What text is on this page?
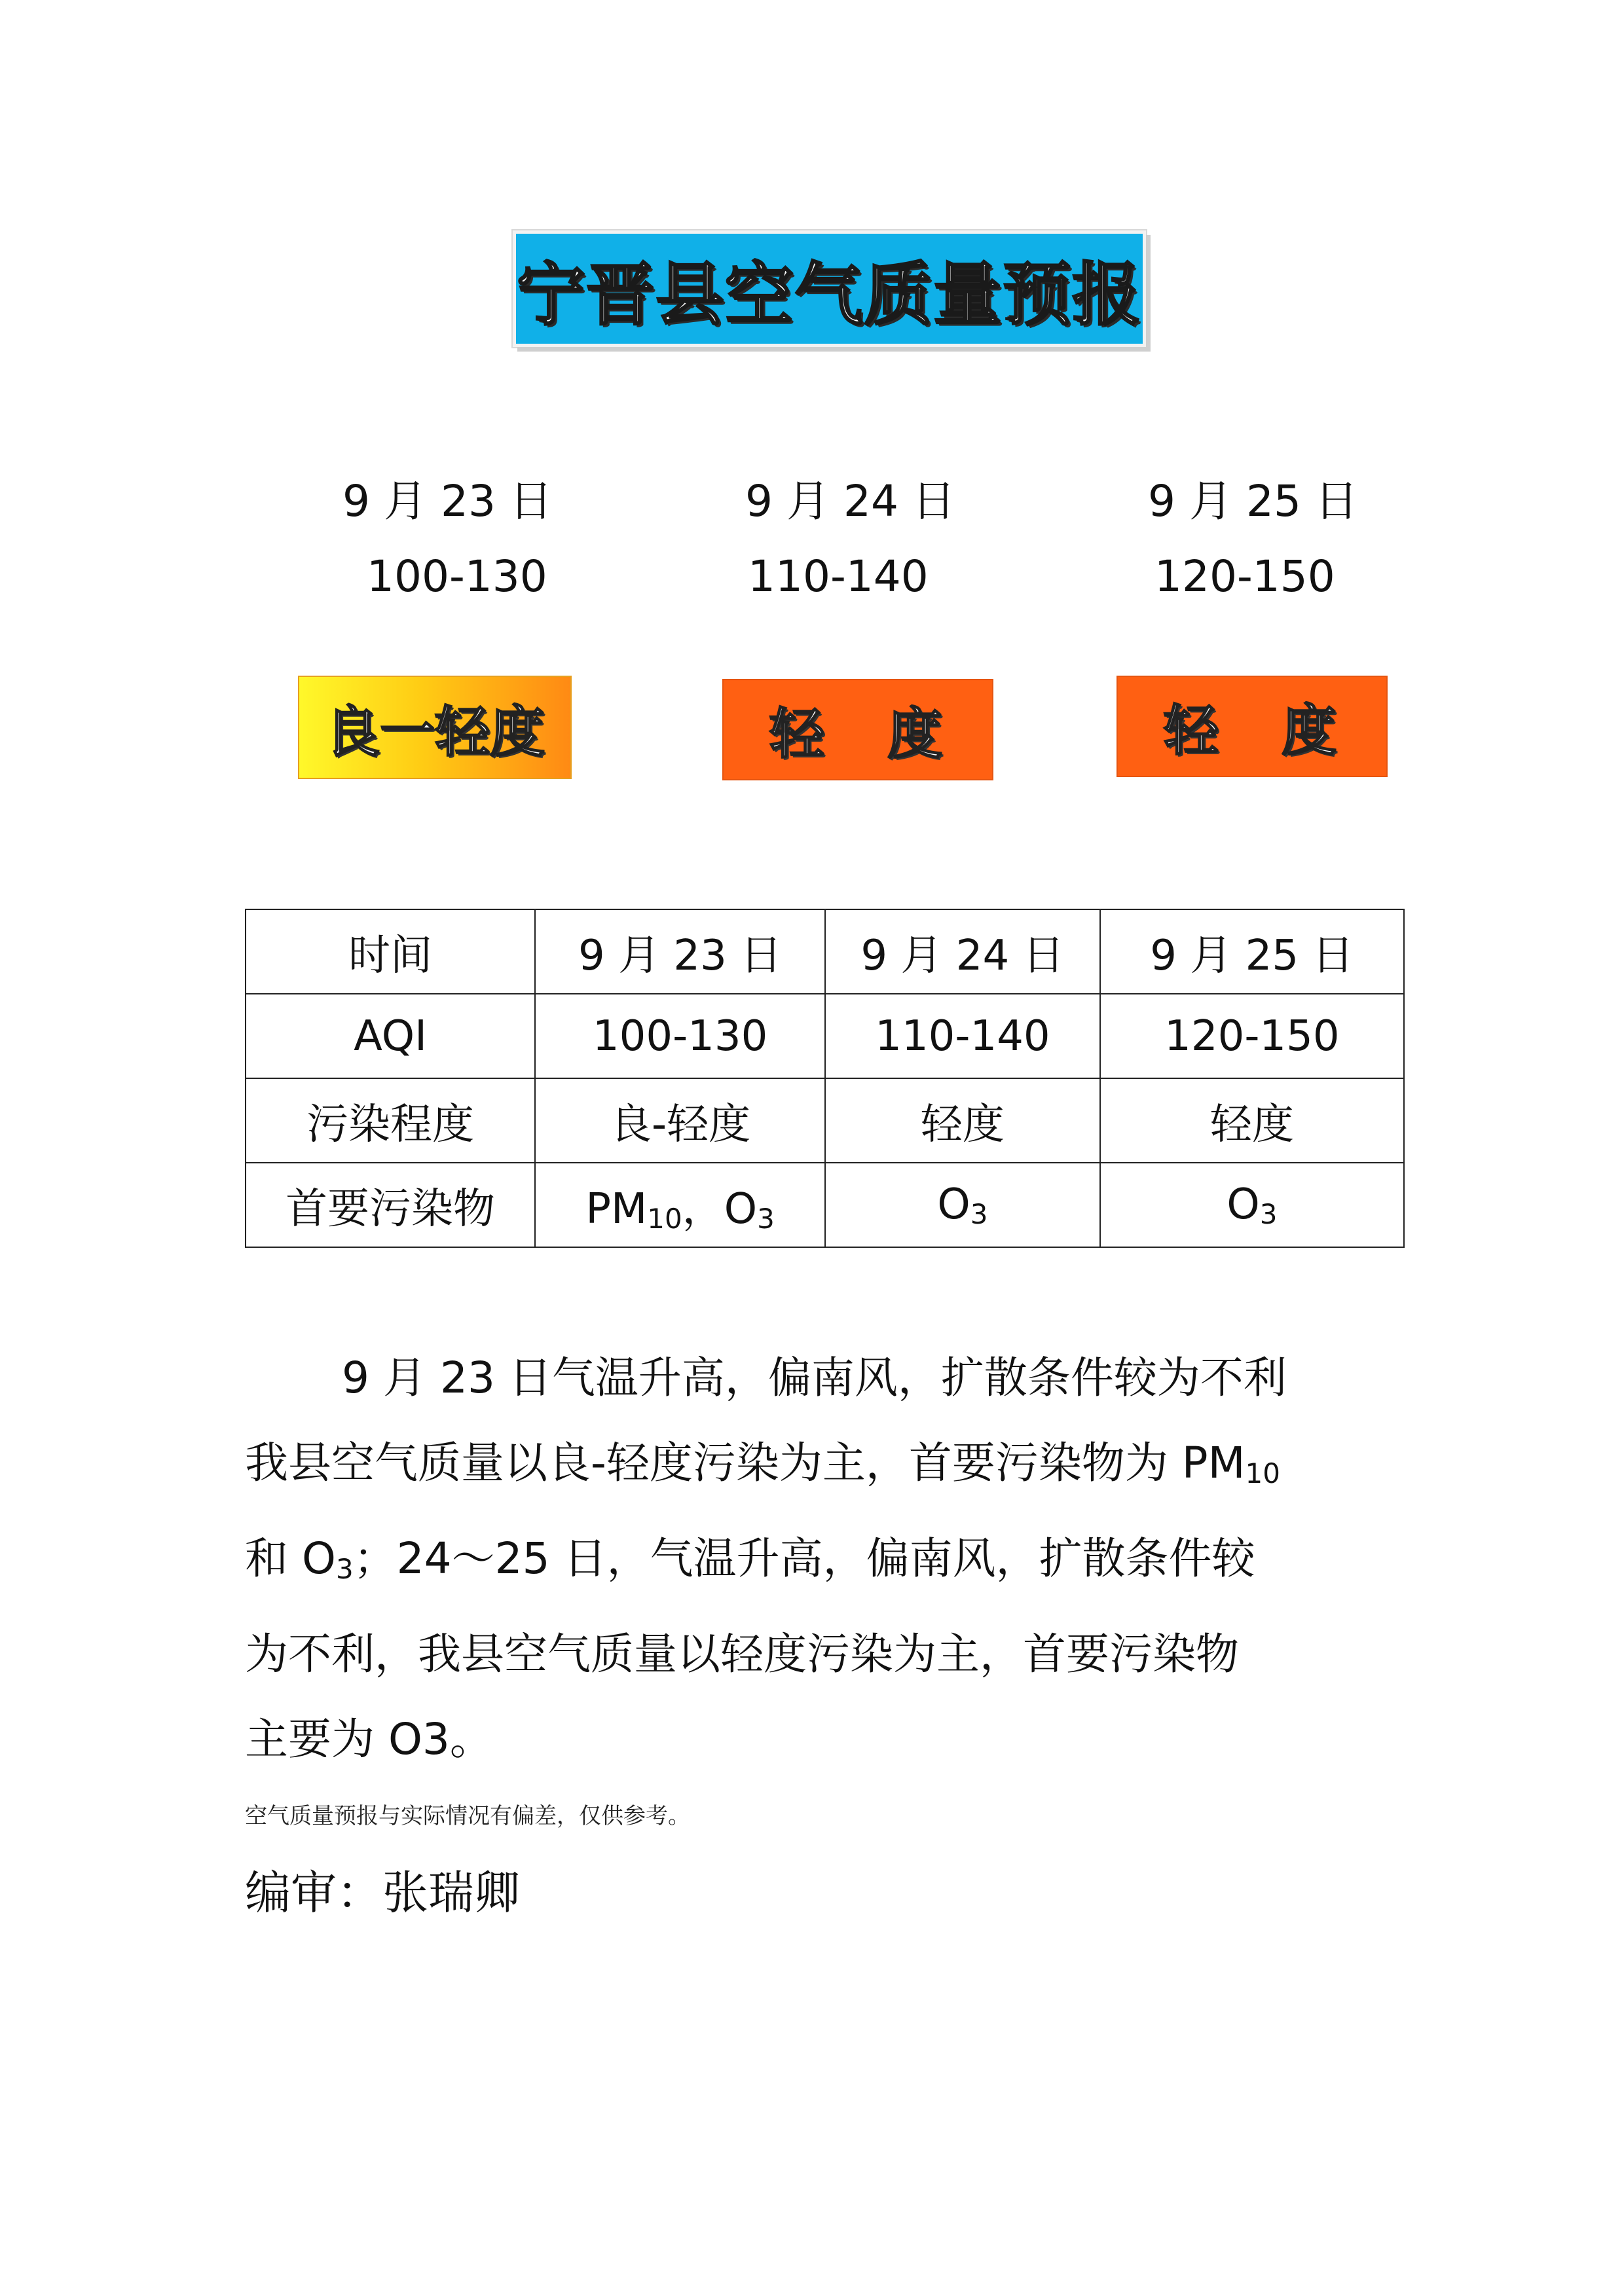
宁晋县空气质量预报
9 月 23 日	9 月 24 日	9 月 25 日
100-130	110-140	120-150
良一轻度	轻　度	轻　度
时间	9 月 23 日	9 月 24 日	9 月 25 日
AQI	100-130	110-140	120-150
污染程度	良-轻度	轻度	轻度
首要污染物	$PM_{10}$，$O_3$	$O_3$	$O_3$

9 月 23 日气温升高，偏南风，扩散条件较为不利

我县空气质量以良-轻度污染为主，首要污染物为 $PM_{10}$

和 $O_3$；24～25 日，气温升高，偏南风，扩散条件较

为不利，我县空气质量以轻度污染为主，首要污染物

主要为 O3。

空气质量预报与实际情况有偏差，仅供参考。
编审：张瑞卿
